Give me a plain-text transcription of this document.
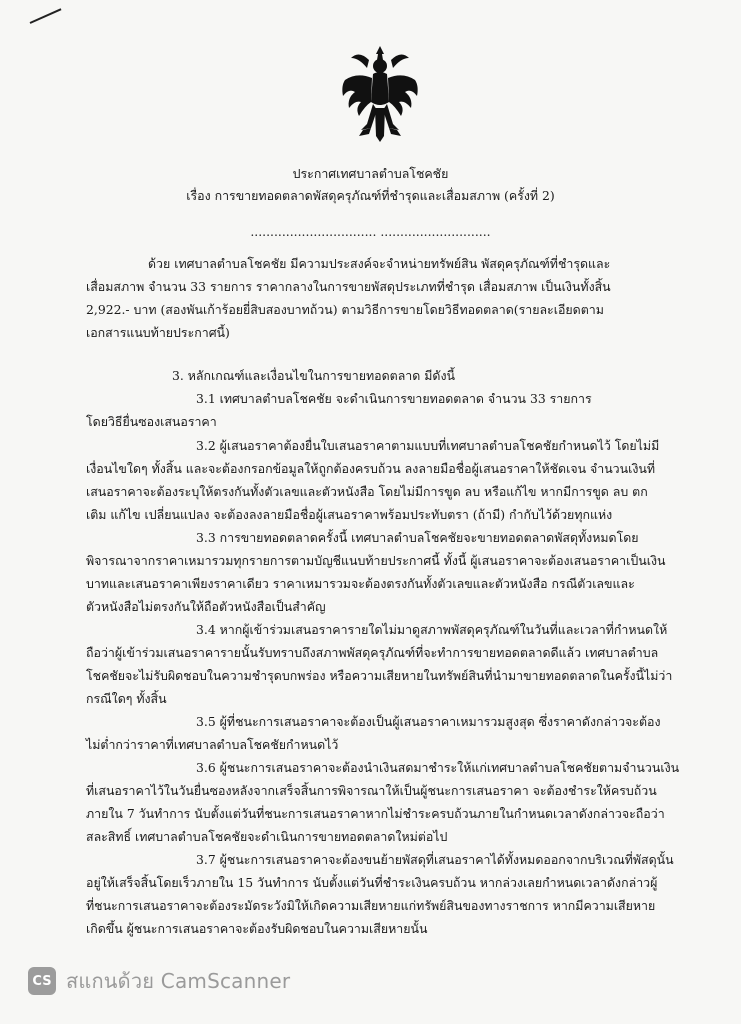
ประกาศเทศบาลตำบลโชคชัย
เรื่อง การขายทอดตลาดพัสดุครุภัณฑ์ที่ชำรุดและเสื่อมสภาพ (ครั้งที่ 2)
................................ ............................
ด้วย เทศบาลตำบลโชคชัย มีความประสงค์จะจำหน่ายทรัพย์สิน พัสดุครุภัณฑ์ที่ชำรุดและ
เสื่อมสภาพ จำนวน 33 รายการ ราคากลางในการขายพัสดุประเภทที่ชำรุด เสื่อมสภาพ เป็นเงินทั้งสิ้น
2,922.- บาท (สองพันเก้าร้อยยี่สิบสองบาทถ้วน) ตามวิธีการขายโดยวิธีทอดตลาด(รายละเอียดตาม
เอกสารแนบท้ายประกาศนี้)
3. หลักเกณฑ์และเงื่อนไขในการขายทอดตลาด มีดังนี้
3.1 เทศบาลตำบลโชคชัย จะดำเนินการขายทอดตลาด จำนวน 33 รายการ
โดยวิธียื่นซองเสนอราคา
3.2 ผู้เสนอราคาต้องยื่นใบเสนอราคาตามแบบที่เทศบาลตำบลโชคชัยกำหนดไว้ โดยไม่มี
เงื่อนไขใดๆ ทั้งสิ้น และจะต้องกรอกข้อมูลให้ถูกต้องครบถ้วน ลงลายมือชื่อผู้เสนอราคาให้ชัดเจน จำนวนเงินที่
เสนอราคาจะต้องระบุให้ตรงกันทั้งตัวเลขและตัวหนังสือ โดยไม่มีการขูด ลบ หรือแก้ไข หากมีการขูด ลบ ตก
เติม แก้ไข เปลี่ยนแปลง จะต้องลงลายมือชื่อผู้เสนอราคาพร้อมประทับตรา (ถ้ามี) กำกับไว้ด้วยทุกแห่ง
3.3 การขายทอดตลาดครั้งนี้ เทศบาลตำบลโชคชัยจะขายทอดตลาดพัสดุทั้งหมดโดย
พิจารณาจากราคาเหมารวมทุกรายการตามบัญชีแนบท้ายประกาศนี้ ทั้งนี้ ผู้เสนอราคาจะต้องเสนอราคาเป็นเงิน
บาทและเสนอราคาเพียงราคาเดียว ราคาเหมารวมจะต้องตรงกันทั้งตัวเลขและตัวหนังสือ กรณีตัวเลขและ
ตัวหนังสือไม่ตรงกันให้ถือตัวหนังสือเป็นสำคัญ
3.4 หากผู้เข้าร่วมเสนอราคารายใดไม่มาดูสภาพพัสดุครุภัณฑ์ในวันที่และเวลาที่กำหนดให้
ถือว่าผู้เข้าร่วมเสนอราคารายนั้นรับทราบถึงสภาพพัสดุครุภัณฑ์ที่จะทำการขายทอดตลาดดีแล้ว เทศบาลตำบล
โชคชัยจะไม่รับผิดชอบในความชำรุดบกพร่อง หรือความเสียหายในทรัพย์สินที่นำมาขายทอดตลาดในครั้งนี้ไม่ว่า
กรณีใดๆ ทั้งสิ้น
3.5 ผู้ที่ชนะการเสนอราคาจะต้องเป็นผู้เสนอราคาเหมารวมสูงสุด ซึ่งราคาดังกล่าวจะต้อง
ไม่ต่ำกว่าราคาที่เทศบาลตำบลโชคชัยกำหนดไว้
3.6 ผู้ชนะการเสนอราคาจะต้องนำเงินสดมาชำระให้แก่เทศบาลตำบลโชคชัยตามจำนวนเงิน
ที่เสนอราคาไว้ในวันยื่นซองหลังจากเสร็จสิ้นการพิจารณาให้เป็นผู้ชนะการเสนอราคา จะต้องชำระให้ครบถ้วน
ภายใน 7 วันทำการ นับตั้งแต่วันที่ชนะการเสนอราคาหากไม่ชำระครบถ้วนภายในกำหนดเวลาดังกล่าวจะถือว่า
สละสิทธิ์ เทศบาลตำบลโชคชัยจะดำเนินการขายทอดตลาดใหม่ต่อไป
3.7 ผู้ชนะการเสนอราคาจะต้องขนย้ายพัสดุที่เสนอราคาได้ทั้งหมดออกจากบริเวณที่พัสดุนั้น
อยู่ให้เสร็จสิ้นโดยเร็วภายใน 15 วันทำการ นับตั้งแต่วันที่ชำระเงินครบถ้วน หากล่วงเลยกำหนดเวลาดังกล่าวผู้
ที่ชนะการเสนอราคาจะต้องระมัดระวังมิให้เกิดความเสียหายแก่ทรัพย์สินของทางราชการ หากมีความเสียหาย
เกิดขึ้น ผู้ชนะการเสนอราคาจะต้องรับผิดชอบในความเสียหายนั้น
CS สแกนด้วย CamScanner
